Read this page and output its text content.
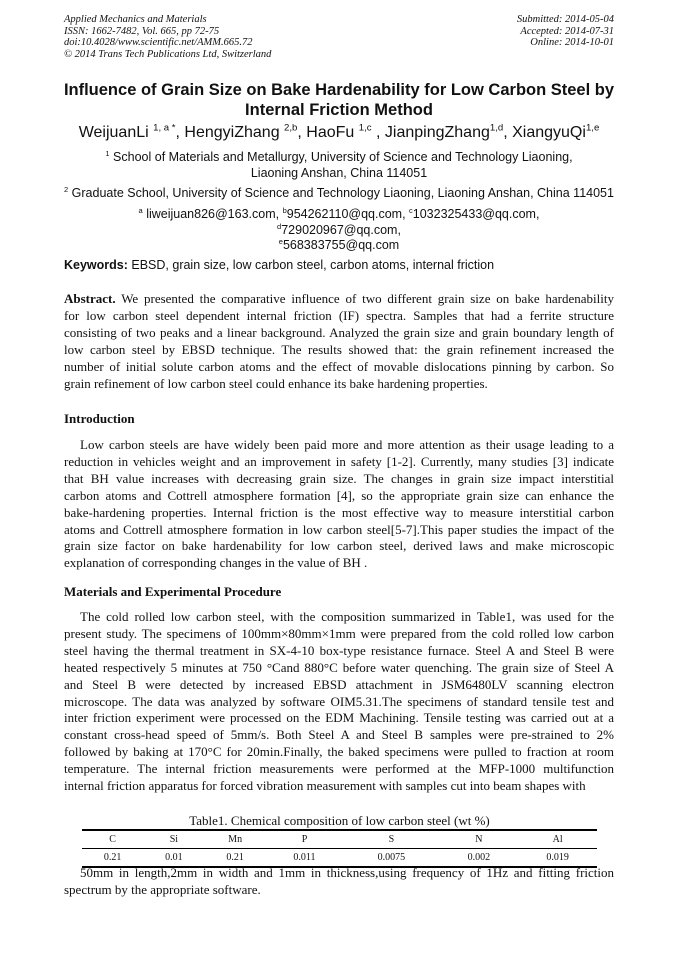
Applied Mechanics and Materials
ISSN: 1662-7482, Vol. 665, pp 72-75
doi:10.4028/www.scientific.net/AMM.665.72
© 2014 Trans Tech Publications Ltd, Switzerland
Submitted: 2014-05-04
Accepted: 2014-07-31
Online: 2014-10-01
Influence of Grain Size on Bake Hardenability for Low Carbon Steel by
Internal Friction Method
WeijuanLi $^{1, a *}$, HengyiZhang $^{2,b}$, HaoFu $^{1,c}$ , JianpingZhang$^{1,d}$, XiangyuQi$^{1,e}$
$^1$ School of Materials and Metallurgy, University of Science and Technology Liaoning,
Liaoning Anshan, China 114051
$^2$ Graduate School, University of Science and Technology Liaoning, Liaoning Anshan, China 114051
$^a$ liweijuan826@163.com, $^b$954262110@qq.com, $^c$1032325433@qq.com, $^d$729020967@qq.com,
$^e$568383755@qq.com
Keywords: EBSD, grain size, low carbon steel, carbon atoms, internal friction
Abstract. We presented the comparative influence of two different grain size on bake hardenability
for low carbon steel dependent internal friction (IF) spectra. Samples that had a ferrite structure
consisting of two peaks and a linear background. Analyzed the grain size and grain boundary length of
low carbon steel by EBSD technique. The results showed that: the grain refinement increased the
number of initial solute carbon atoms and the effect of movable dislocations pinning by carbon. So
grain refinement of low carbon steel could enhance its bake hardening properties.
Introduction
Low carbon steels are have widely been paid more and more attention as their usage leading to a
reduction in vehicles weight and an improvement in safety [1-2]. Currently, many studies [3] indicate
that BH value increases with decreasing grain size. The changes in grain size impact interstitial
carbon atoms and Cottrell atmosphere formation [4], so the appropriate grain size can enhance the
bake-hardening properties. Internal friction is the most effective way to measure interstitial carbon
atoms and Cottrell atmosphere formation in low carbon steel[5-7].This paper studies the impact of the
grain size factor on bake hardenability for low carbon steel, derived laws and make microscopic
explanation of corresponding changes in the value of BH .
Materials and Experimental Procedure
The cold rolled low carbon steel, with the composition summarized in Table1, was used for the
present study. The specimens of 100mm×80mm×1mm were prepared from the cold rolled low carbon
steel having the thermal treatment in SX-4-10 box-type resistance furnace. Steel A and Steel B were
heated respectively 5 minutes at 750 °Cand 880°C before water quenching. The grain size of Steel A
and Steel B were detected by increased EBSD attachment in JSM6480LV scanning electron
microscope. The data was analyzed by software OIM5.31.The specimens of standard tensile test and
inter friction experiment were processed on the EDM Machining. Tensile testing was carried out at a
constant cross-head speed of 5mm/s. Both Steel A and Steel B samples were pre-strained to 2%
followed by baking at 170°C for 20min.Finally, the baked specimens were pulled to fraction at room
temperature. The internal friction measurements were performed at the MFP-1000 multifunction
internal friction apparatus for forced vibration measurement with samples cut into beam shapes with
Table1. Chemical composition of low carbon steel (wt %)
C	Si	Mn	P	S	N	Al
0.21	0.01	0.21	0.011	0.0075	0.002	0.019
50mm in length,2mm in width and 1mm in thickness,using frequency of 1Hz and fitting friction
spectrum by the appropriate software.
